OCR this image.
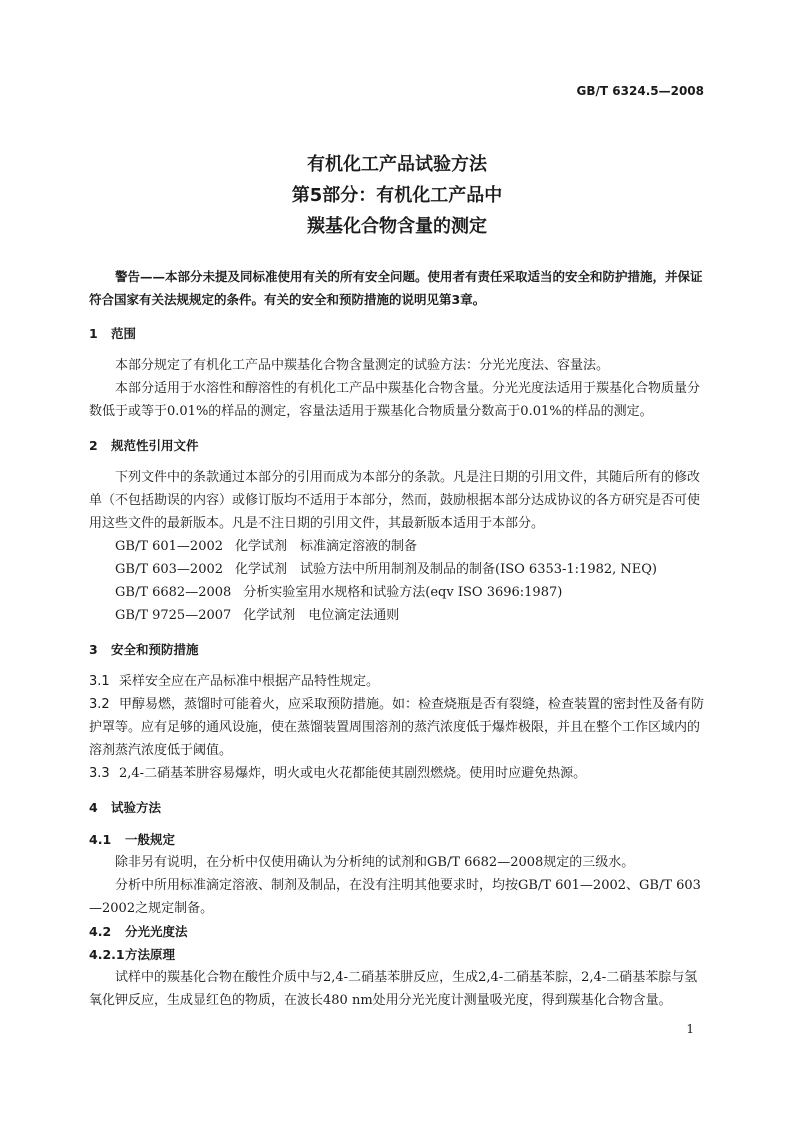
GB/T 6324.5—2008
有机化工产品试验方法
第5部分：有机化工产品中
羰基化合物含量的测定

警告——本部分未提及同标准使用有关的所有安全问题。使用者有责任采取适当的安全和防护措施，并保证符合国家有关法规规定的条件。有关的安全和预防措施的说明见第3章。

1 范围

本部分规定了有机化工产品中羰基化合物含量测定的试验方法：分光光度法、容量法。

本部分适用于水溶性和醇溶性的有机化工产品中羰基化合物含量。分光光度法适用于羰基化合物质量分数低于或等于0.01%的样品的测定，容量法适用于羰基化合物质量分数高于0.01%的样品的测定。

2 规范性引用文件

下列文件中的条款通过本部分的引用而成为本部分的条款。凡是注日期的引用文件，其随后所有的修改单（不包括勘误的内容）或修订版均不适用于本部分，然而，鼓励根据本部分达成协议的各方研究是否可使用这些文件的最新版本。凡是不注日期的引用文件，其最新版本适用于本部分。

GB/T 601—2002 化学试剂　标准滴定溶液的制备

GB/T 603—2002 化学试剂　试验方法中所用制剂及制品的制备(ISO 6353-1:1982, NEQ)

GB/T 6682—2008 分析实验室用水规格和试验方法(eqv ISO 3696:1987)

GB/T 9725—2007 化学试剂　电位滴定法通则

3 安全和预防措施

3.1 采样安全应在产品标准中根据产品特性规定。

3.2 甲醇易燃，蒸馏时可能着火，应采取预防措施。如：检查烧瓶是否有裂缝，检查装置的密封性及备有防护罩等。应有足够的通风设施，使在蒸馏装置周围溶剂的蒸汽浓度低于爆炸极限，并且在整个工作区域内的溶剂蒸汽浓度低于阈值。

3.3 2,4-二硝基苯肼容易爆炸，明火或电火花都能使其剧烈燃烧。使用时应避免热源。

4 试验方法
4.1 一般规定

除非另有说明，在分析中仅使用确认为分析纯的试剂和GB/T 6682—2008规定的三级水。

分析中所用标准滴定溶液、制剂及制品，在没有注明其他要求时，均按GB/T 601—2002、GB/T 603—2002之规定制备。

4.2 分光光度法
4.2.1方法原理

试样中的羰基化合物在酸性介质中与2,4-二硝基苯肼反应，生成2,4-二硝基苯腙，2,4-二硝基苯腙与氢氧化钾反应，生成显红色的物质，在波长480 nm处用分光光度计测量吸光度，得到羰基化合物含量。

1
